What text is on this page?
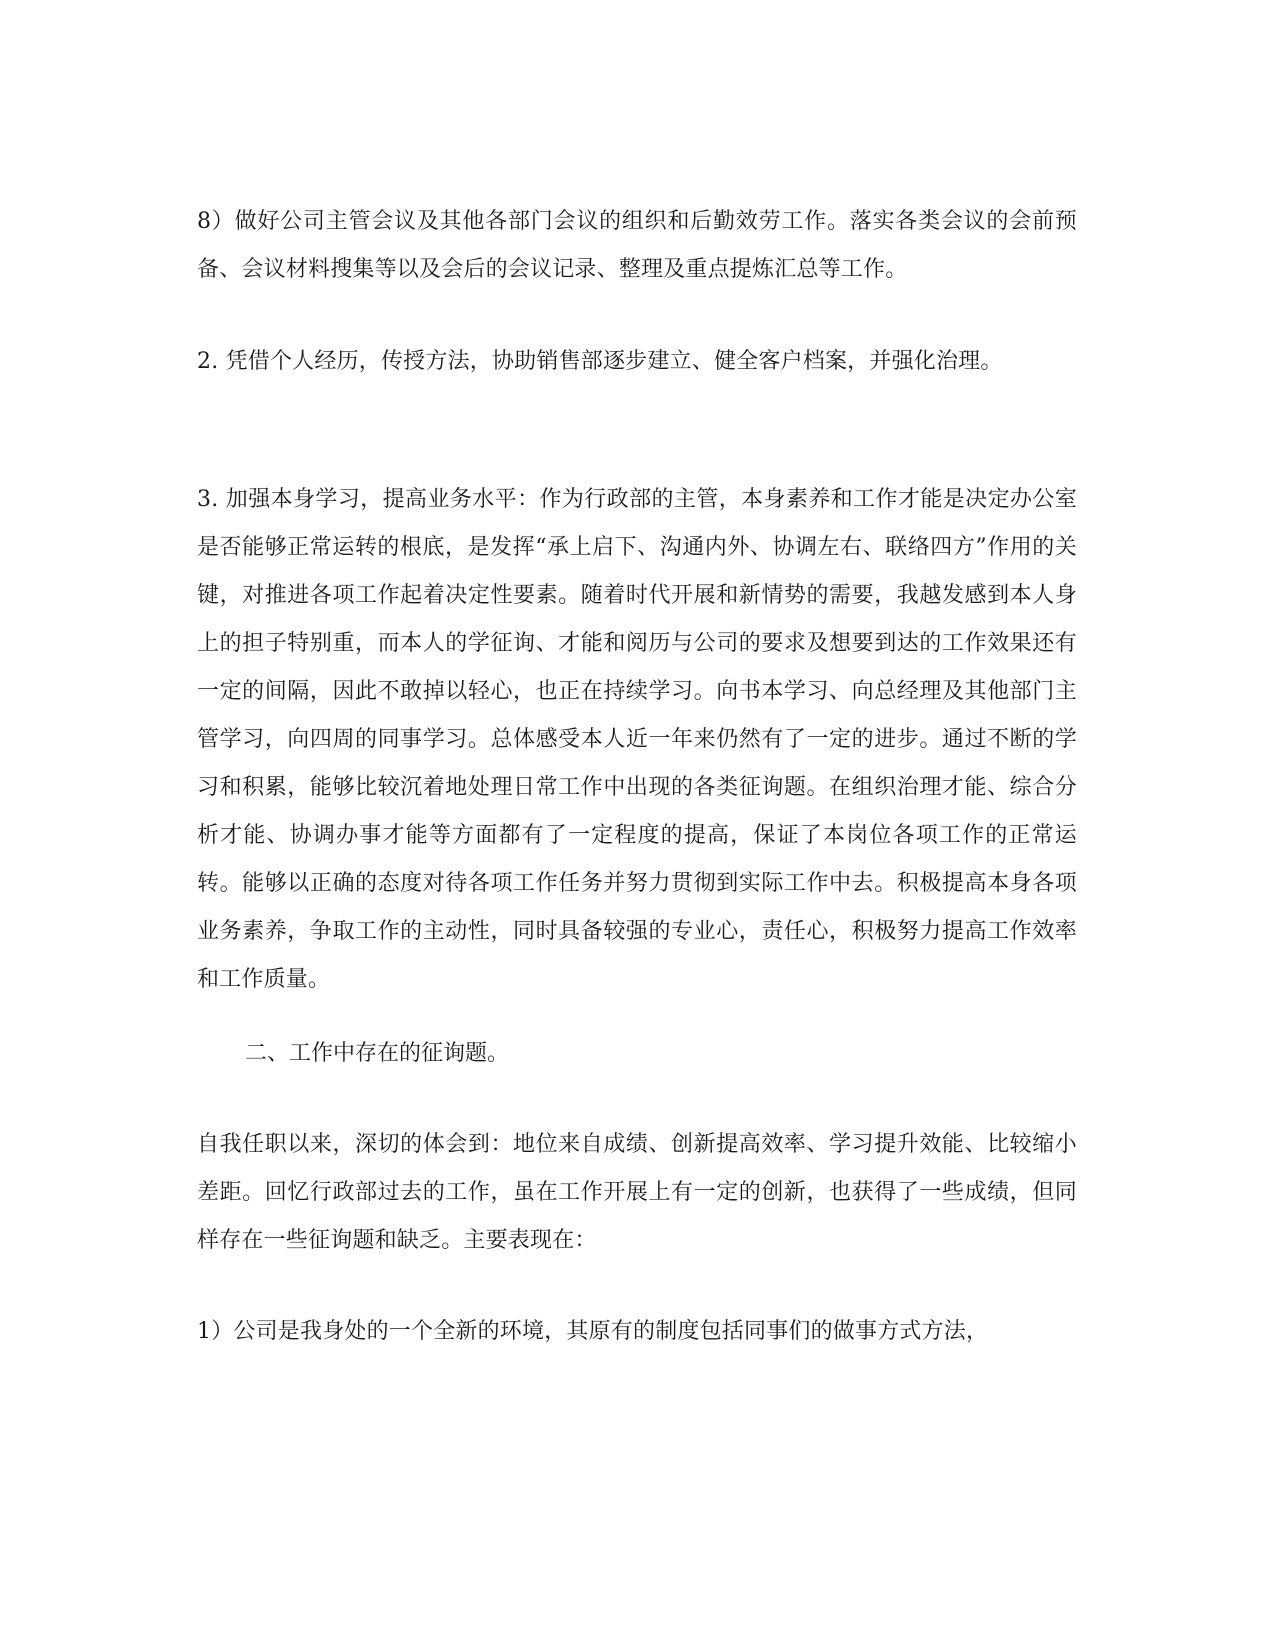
8）做好公司主管会议及其他各部门会议的组织和后勤效劳工作。落实各类会议的会前预备、会议材料搜集等以及会后的会议记录、整理及重点提炼汇总等工作。

2. 凭借个人经历，传授方法，协助销售部逐步建立、健全客户档案，并强化治理。

3. 加强本身学习，提高业务水平：作为行政部的主管，本身素养和工作才能是决定办公室是否能够正常运转的根底，是发挥“承上启下、沟通内外、协调左右、联络四方”作用的关键，对推进各项工作起着决定性要素。随着时代开展和新情势的需要，我越发感到本人身上的担子特别重，而本人的学征询、才能和阅历与公司的要求及想要到达的工作效果还有一定的间隔，因此不敢掉以轻心，也正在持续学习。向书本学习、向总经理及其他部门主管学习，向四周的同事学习。总体感受本人近一年来仍然有了一定的进步。通过不断的学习和积累，能够比较沉着地处理日常工作中出现的各类征询题。在组织治理才能、综合分析才能、协调办事才能等方面都有了一定程度的提高，保证了本岗位各项工作的正常运转。能够以正确的态度对待各项工作任务并努力贯彻到实际工作中去。积极提高本身各项业务素养，争取工作的主动性，同时具备较强的专业心，责任心，积极努力提高工作效率和工作质量。

二、工作中存在的征询题。

自我任职以来，深切的体会到：地位来自成绩、创新提高效率、学习提升效能、比较缩小差距。回忆行政部过去的工作，虽在工作开展上有一定的创新，也获得了一些成绩，但同样存在一些征询题和缺乏。主要表现在：

1）公司是我身处的一个全新的环境，其原有的制度包括同事们的做事方式方法，
